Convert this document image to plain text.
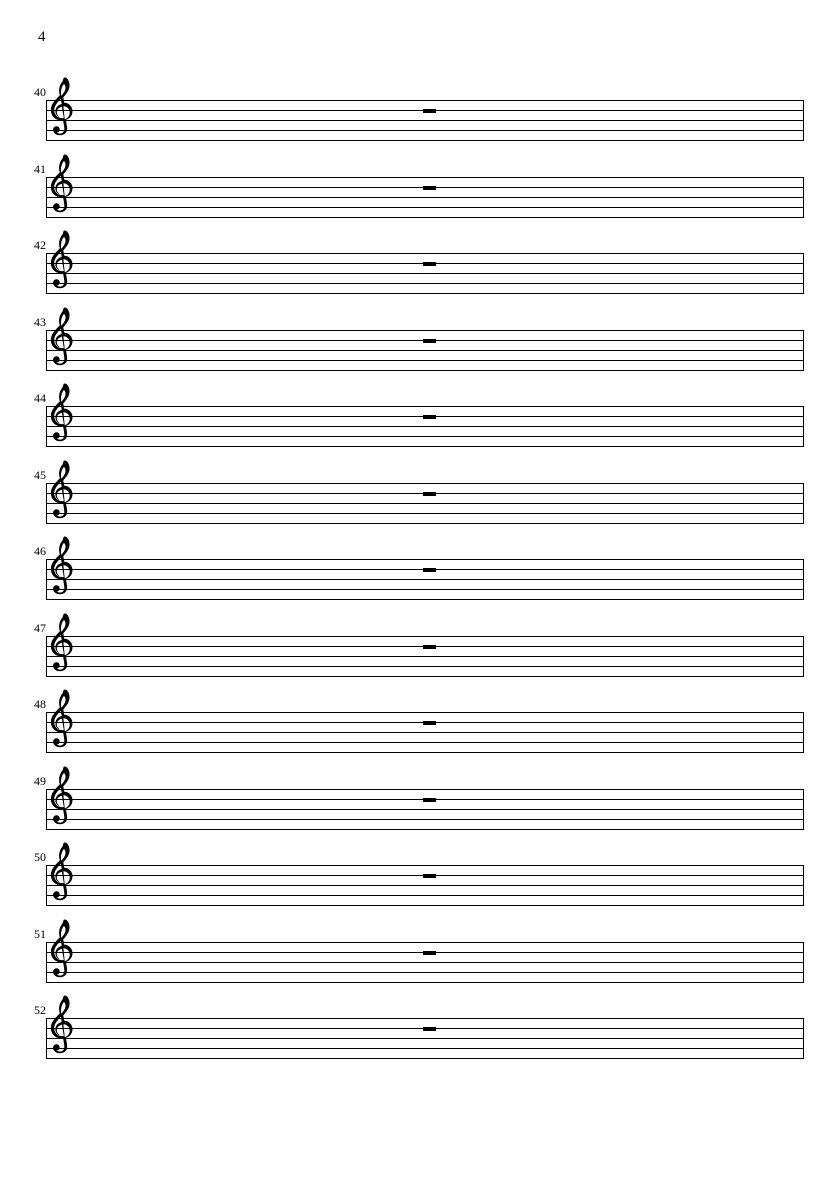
4
40
41
42
43
44
45
46
47
48
49
50
51
52
